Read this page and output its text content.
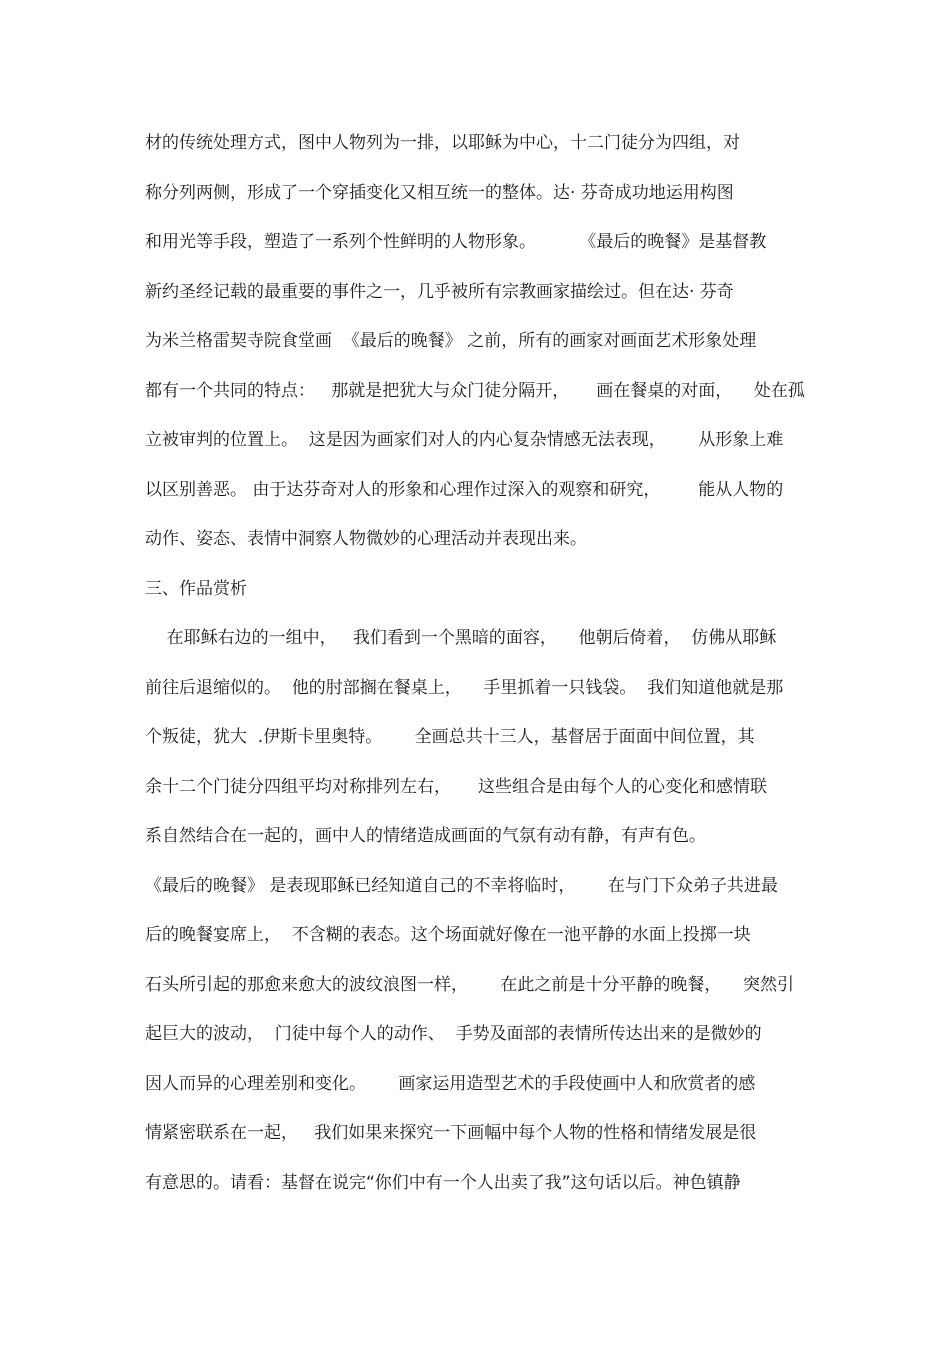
材的传统处理方式，图中人物列为一排，以耶稣为中心，十二门徒分为四组，对
称分列两侧，形成了一个穿插变化又相互统一的整体。达· 芬奇成功地运用构图
和用光等手段，塑造了一系列个性鲜明的人物形象。        《最后的晚餐》是基督教
新约圣经记载的最重要的事件之一，几乎被所有宗教画家描绘过。但在达· 芬奇
为米兰格雷契寺院食堂画  《最后的晚餐》 之前，所有的画家对画面艺术形象处理
都有一个共同的特点：   那就是把犹大与众门徒分隔开，     画在餐桌的对面，    处在孤
立被审判的位置上。  这是因为画家们对人的内心复杂情感无法表现，      从形象上难
以区别善恶。 由于达芬奇对人的形象和心理作过深入的观察和研究，       能从人物的
动作、姿态、表情中洞察人物微妙的心理活动并表现出来。
三、作品赏析
在耶稣右边的一组中，   我们看到一个黑暗的面容，    他朝后倚着，  仿佛从耶稣
前往后退缩似的。  他的肘部搁在餐桌上，    手里抓着一只钱袋。  我们知道他就是那
个叛徒，犹大  .伊斯卡里奥特。      全画总共十三人，基督居于面面中间位置，其
余十二个门徒分四组平均对称排列左右，     这些组合是由每个人的心变化和感情联
系自然结合在一起的，画中人的情绪造成画面的气氛有动有静，有声有色。
《最后的晚餐》 是表现耶稣已经知道自己的不幸将临时，      在与门下众弟子共进最
后的晚餐宴席上，  不含糊的表态。这个场面就好像在一池平静的水面上投掷一块
石头所引起的那愈来愈大的波纹浪图一样，      在此之前是十分平静的晚餐，    突然引
起巨大的波动，  门徒中每个人的动作、  手势及面部的表情所传达出来的是微妙的
因人而异的心理差别和变化。      画家运用造型艺术的手段使画中人和欣赏者的感
情紧密联系在一起，   我们如果来探究一下画幅中每个人物的性格和情绪发展是很
有意思的。请看：基督在说完“你们中有一个人出卖了我”这句话以后。神色镇静
